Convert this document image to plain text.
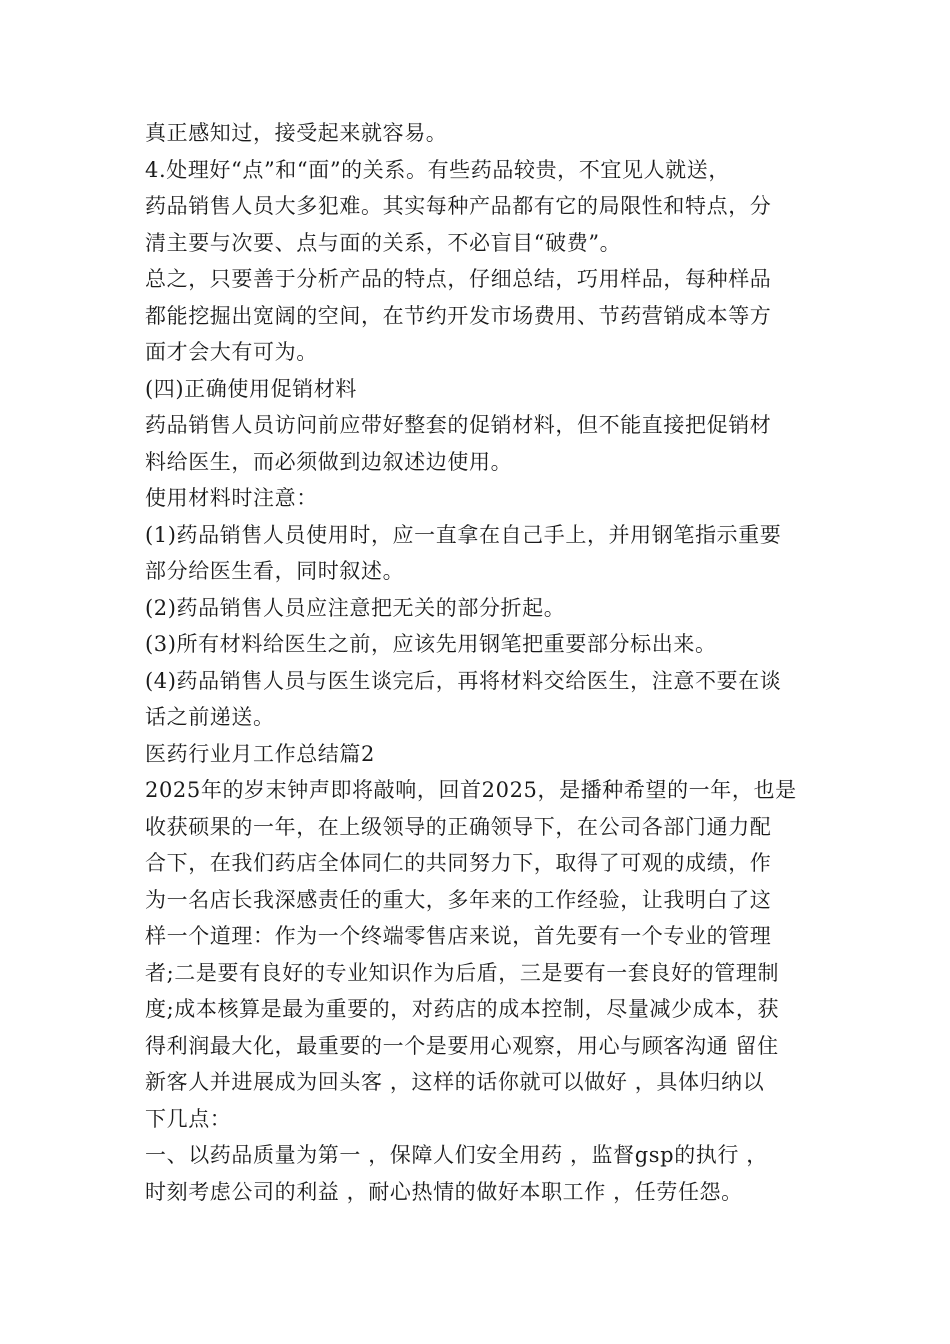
真正感知过，接受起来就容易。
4.处理好“点”和“面”的关系。有些药品较贵，不宜见人就送，
药品销售人员大多犯难。其实每种产品都有它的局限性和特点，分
清主要与次要、点与面的关系，不必盲目“破费”。
总之，只要善于分析产品的特点，仔细总结，巧用样品，每种样品
都能挖掘出宽阔的空间，在节约开发市场费用、节药营销成本等方
面才会大有可为。
(四)正确使用促销材料
药品销售人员访问前应带好整套的促销材料，但不能直接把促销材
料给医生，而必须做到边叙述边使用。
使用材料时注意：
(1)药品销售人员使用时，应一直拿在自己手上，并用钢笔指示重要
部分给医生看，同时叙述。
(2)药品销售人员应注意把无关的部分折起。
(3)所有材料给医生之前，应该先用钢笔把重要部分标出来。
(4)药品销售人员与医生谈完后，再将材料交给医生，注意不要在谈
话之前递送。
医药行业月工作总结篇2
2025年的岁末钟声即将敲响，回首2025，是播种希望的一年，也是
收获硕果的一年，在上级领导的正确领导下，在公司各部门通力配
合下，在我们药店全体同仁的共同努力下，取得了可观的成绩，作
为一名店长我深感责任的重大，多年来的工作经验，让我明白了这
样一个道理：作为一个终端零售店来说，首先要有一个专业的管理
者;二是要有良好的专业知识作为后盾，三是要有一套良好的管理制
度;成本核算是最为重要的，对药店的成本控制，尽量减少成本，获
得利润最大化，最重要的一个是要用心观察，用心与顾客沟通 留住
新客人并进展成为回头客 ，这样的话你就可以做好 ，具体归纳以
下几点：
一、以药品质量为第一 ，保障人们安全用药 ，监督gsp的执行 ，
时刻考虑公司的利益 ，耐心热情的做好本职工作 ，任劳任怨。
